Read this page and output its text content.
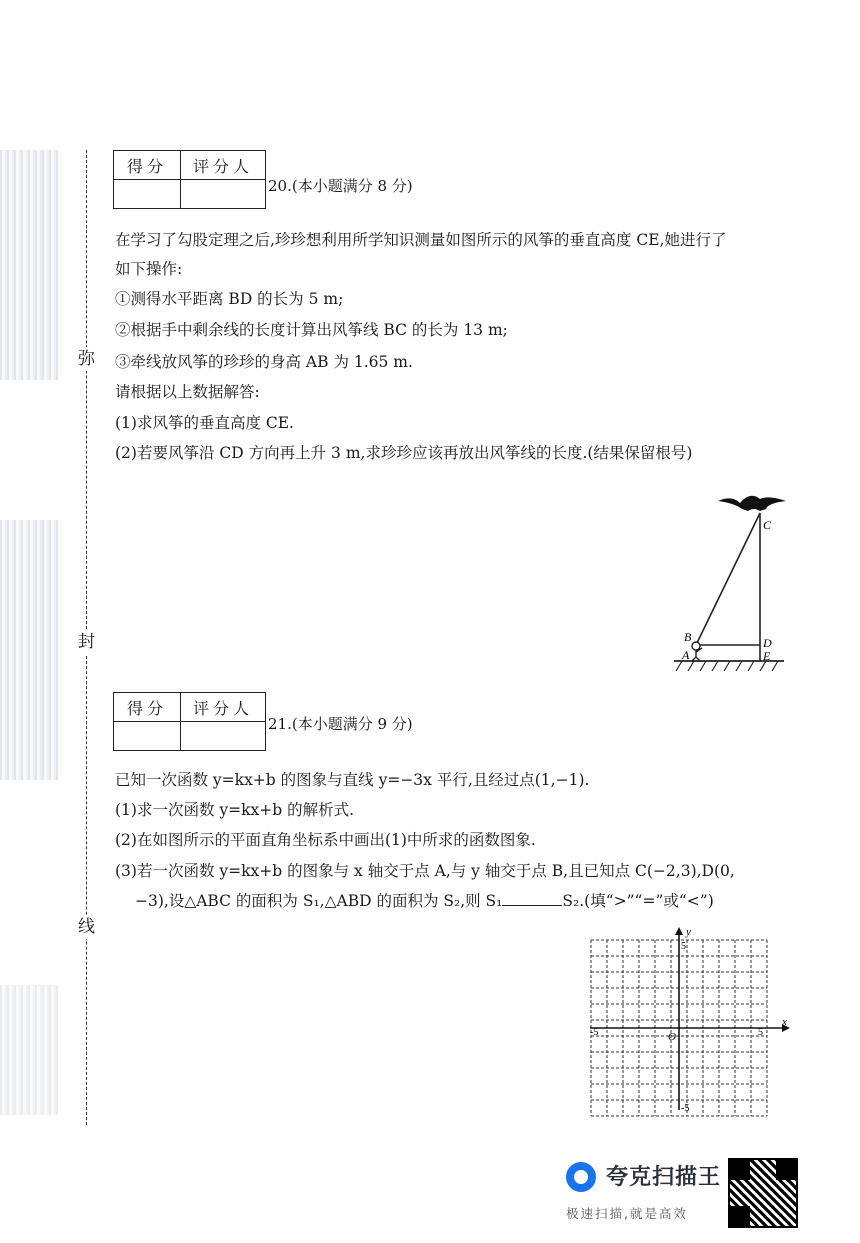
弥
封
线
得分	评分人

20.(本小题满分 8 分)
在学习了勾股定理之后,珍珍想利用所学知识测量如图所示的风筝的垂直高度 CE,她进行了
如下操作:
①测得水平距离 BD 的长为 5 m;
②根据手中剩余线的长度计算出风筝线 BC 的长为 13 m;
③牵线放风筝的珍珍的身高 AB 为 1.65 m.
请根据以上数据解答:
(1)求风筝的垂直高度 CE.
(2)若要风筝沿 CD 方向再上升 3 m,求珍珍应该再放出风筝线的长度.(结果保留根号)
C
B
A
D
E
得分	评分人

21.(本小题满分 9 分)
已知一次函数 y=kx+b 的图象与直线 y=−3x 平行,且经过点(1,−1).
(1)求一次函数 y=kx+b 的解析式.
(2)在如图所示的平面直角坐标系中画出(1)中所求的函数图象.
(3)若一次函数 y=kx+b 的图象与 x 轴交于点 A,与 y 轴交于点 B,且已知点 C(−2,3),D(0,
−3),设△ABC 的面积为 S₁,△ABD 的面积为 S₂,则 S₁	S₂.(填“>”“=”或“<”)
y
x
O
5
-5
5
-5
夸克扫描王
极速扫描,就是高效
